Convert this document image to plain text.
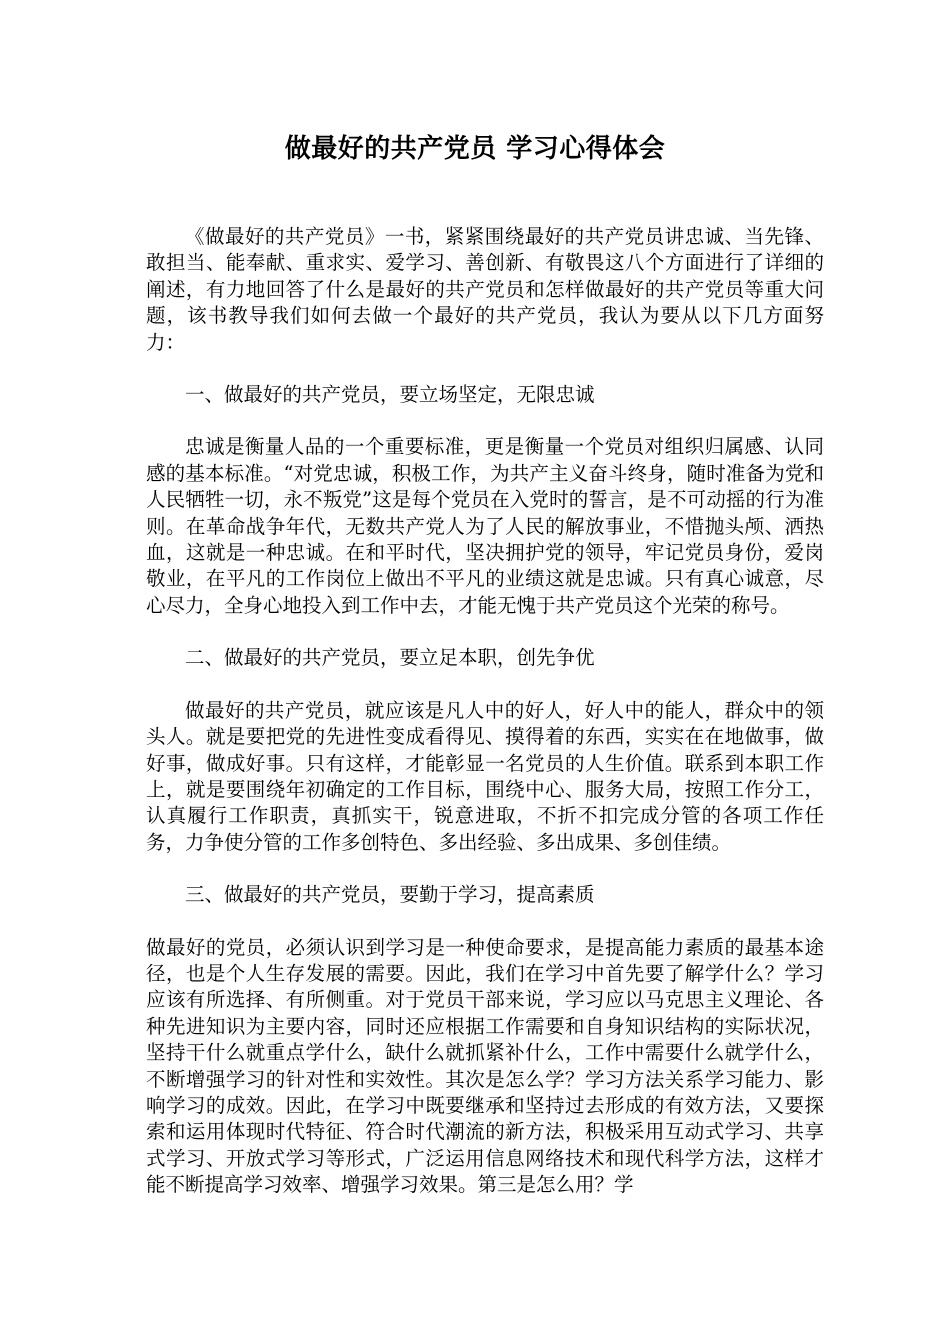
做最好的共产党员 学习心得体会

《做最好的共产党员》一书，紧紧围绕最好的共产党员讲忠诚、当先锋、敢担当、能奉献、重求实、爱学习、善创新、有敬畏这八个方面进行了详细的阐述，有力地回答了什么是最好的共产党员和怎样做最好的共产党员等重大问题，该书教导我们如何去做一个最好的共产党员，我认为要从以下几方面努力：

一、做最好的共产党员，要立场坚定，无限忠诚

忠诚是衡量人品的一个重要标准，更是衡量一个党员对组织归属感、认同感的基本标准。“对党忠诚，积极工作，为共产主义奋斗终身，随时准备为党和人民牺牲一切，永不叛党”这是每个党员在入党时的誓言，是不可动摇的行为准则。在革命战争年代，无数共产党人为了人民的解放事业，不惜抛头颅、洒热血，这就是一种忠诚。在和平时代，坚决拥护党的领导，牢记党员身份，爱岗敬业，在平凡的工作岗位上做出不平凡的业绩这就是忠诚。只有真心诚意，尽心尽力，全身心地投入到工作中去，才能无愧于共产党员这个光荣的称号。

二、做最好的共产党员，要立足本职，创先争优

做最好的共产党员，就应该是凡人中的好人，好人中的能人，群众中的领头人。就是要把党的先进性变成看得见、摸得着的东西，实实在在地做事，做好事，做成好事。只有这样，才能彰显一名党员的人生价值。联系到本职工作上，就是要围绕年初确定的工作目标，围绕中心、服务大局，按照工作分工，认真履行工作职责，真抓实干，锐意进取，不折不扣完成分管的各项工作任务，力争使分管的工作多创特色、多出经验、多出成果、多创佳绩。

三、做最好的共产党员，要勤于学习，提高素质

做最好的党员，必须认识到学习是一种使命要求，是提高能力素质的最基本途径，也是个人生存发展的需要。因此，我们在学习中首先要了解学什么？学习应该有所选择、有所侧重。对于党员干部来说，学习应以马克思主义理论、各种先进知识为主要内容，同时还应根据工作需要和自身知识结构的实际状况，坚持干什么就重点学什么，缺什么就抓紧补什么，工作中需要什么就学什么，不断增强学习的针对性和实效性。其次是怎么学？学习方法关系学习能力、影响学习的成效。因此，在学习中既要继承和坚持过去形成的有效方法，又要探索和运用体现时代特征、符合时代潮流的新方法，积极采用互动式学习、共享式学习、开放式学习等形式，广泛运用信息网络技术和现代科学方法，这样才能不断提高学习效率、增强学习效果。第三是怎么用？学
